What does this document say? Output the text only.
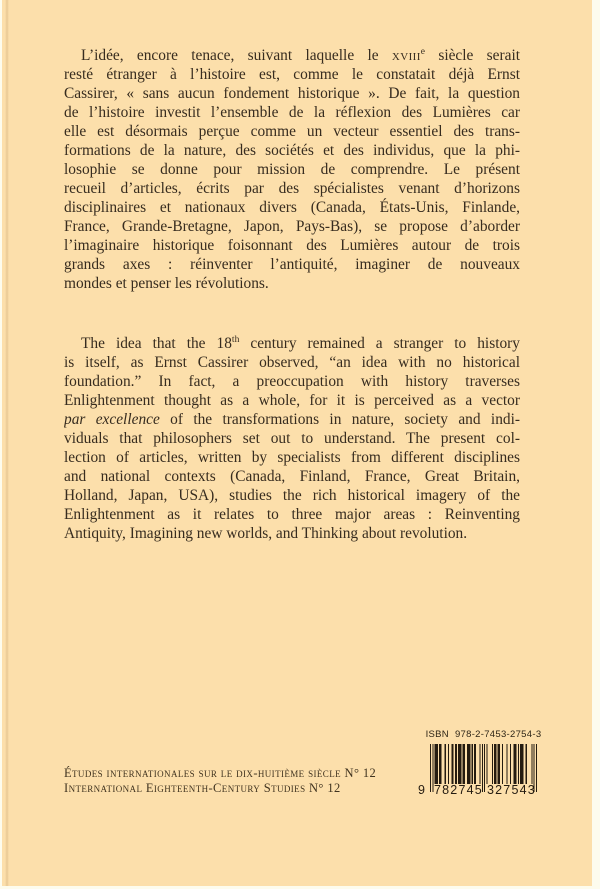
L’idée, encore tenace, suivant laquelle le xviii$^e$ siècle serait
resté étranger à l’histoire est, comme le constatait déjà Ernst
Cassirer, « sans aucun fondement historique ». De fait, la question
de l’histoire investit l’ensemble de la réflexion des Lumières car
elle est désormais perçue comme un vecteur essentiel des trans-
formations de la nature, des sociétés et des individus, que la phi-
losophie se donne pour mission de comprendre. Le présent
recueil d’articles, écrits par des spécialistes venant d’horizons
disciplinaires et nationaux divers (Canada, États-Unis, Finlande,
France, Grande-Bretagne, Japon, Pays-Bas), se propose d’aborder
l’imaginaire historique foisonnant des Lumières autour de trois
grands axes : réinventer l’antiquité, imaginer de nouveaux
mondes et penser les révolutions.
The idea that the 18th century remained a stranger to history
is itself, as Ernst Cassirer observed, “an idea with no historical
foundation.” In fact, a preoccupation with history traverses
Enlightenment thought as a whole, for it is perceived as a vector
par excellence of the transformations in nature, society and indi-
viduals that philosophers set out to understand. The present col-
lection of articles, written by specialists from different disciplines
and national contexts (Canada, Finland, France, Great Britain,
Holland, Japan, USA), studies the rich historical imagery of the
Enlightenment as it relates to three major areas : Reinventing
Antiquity, Imagining new worlds, and Thinking about revolution.
Études internationales sur le dix-huitième siècle N° 12
International Eighteenth-Century Studies N° 12
ISBN 978-2-7453-2754-3
9 782745 327543
